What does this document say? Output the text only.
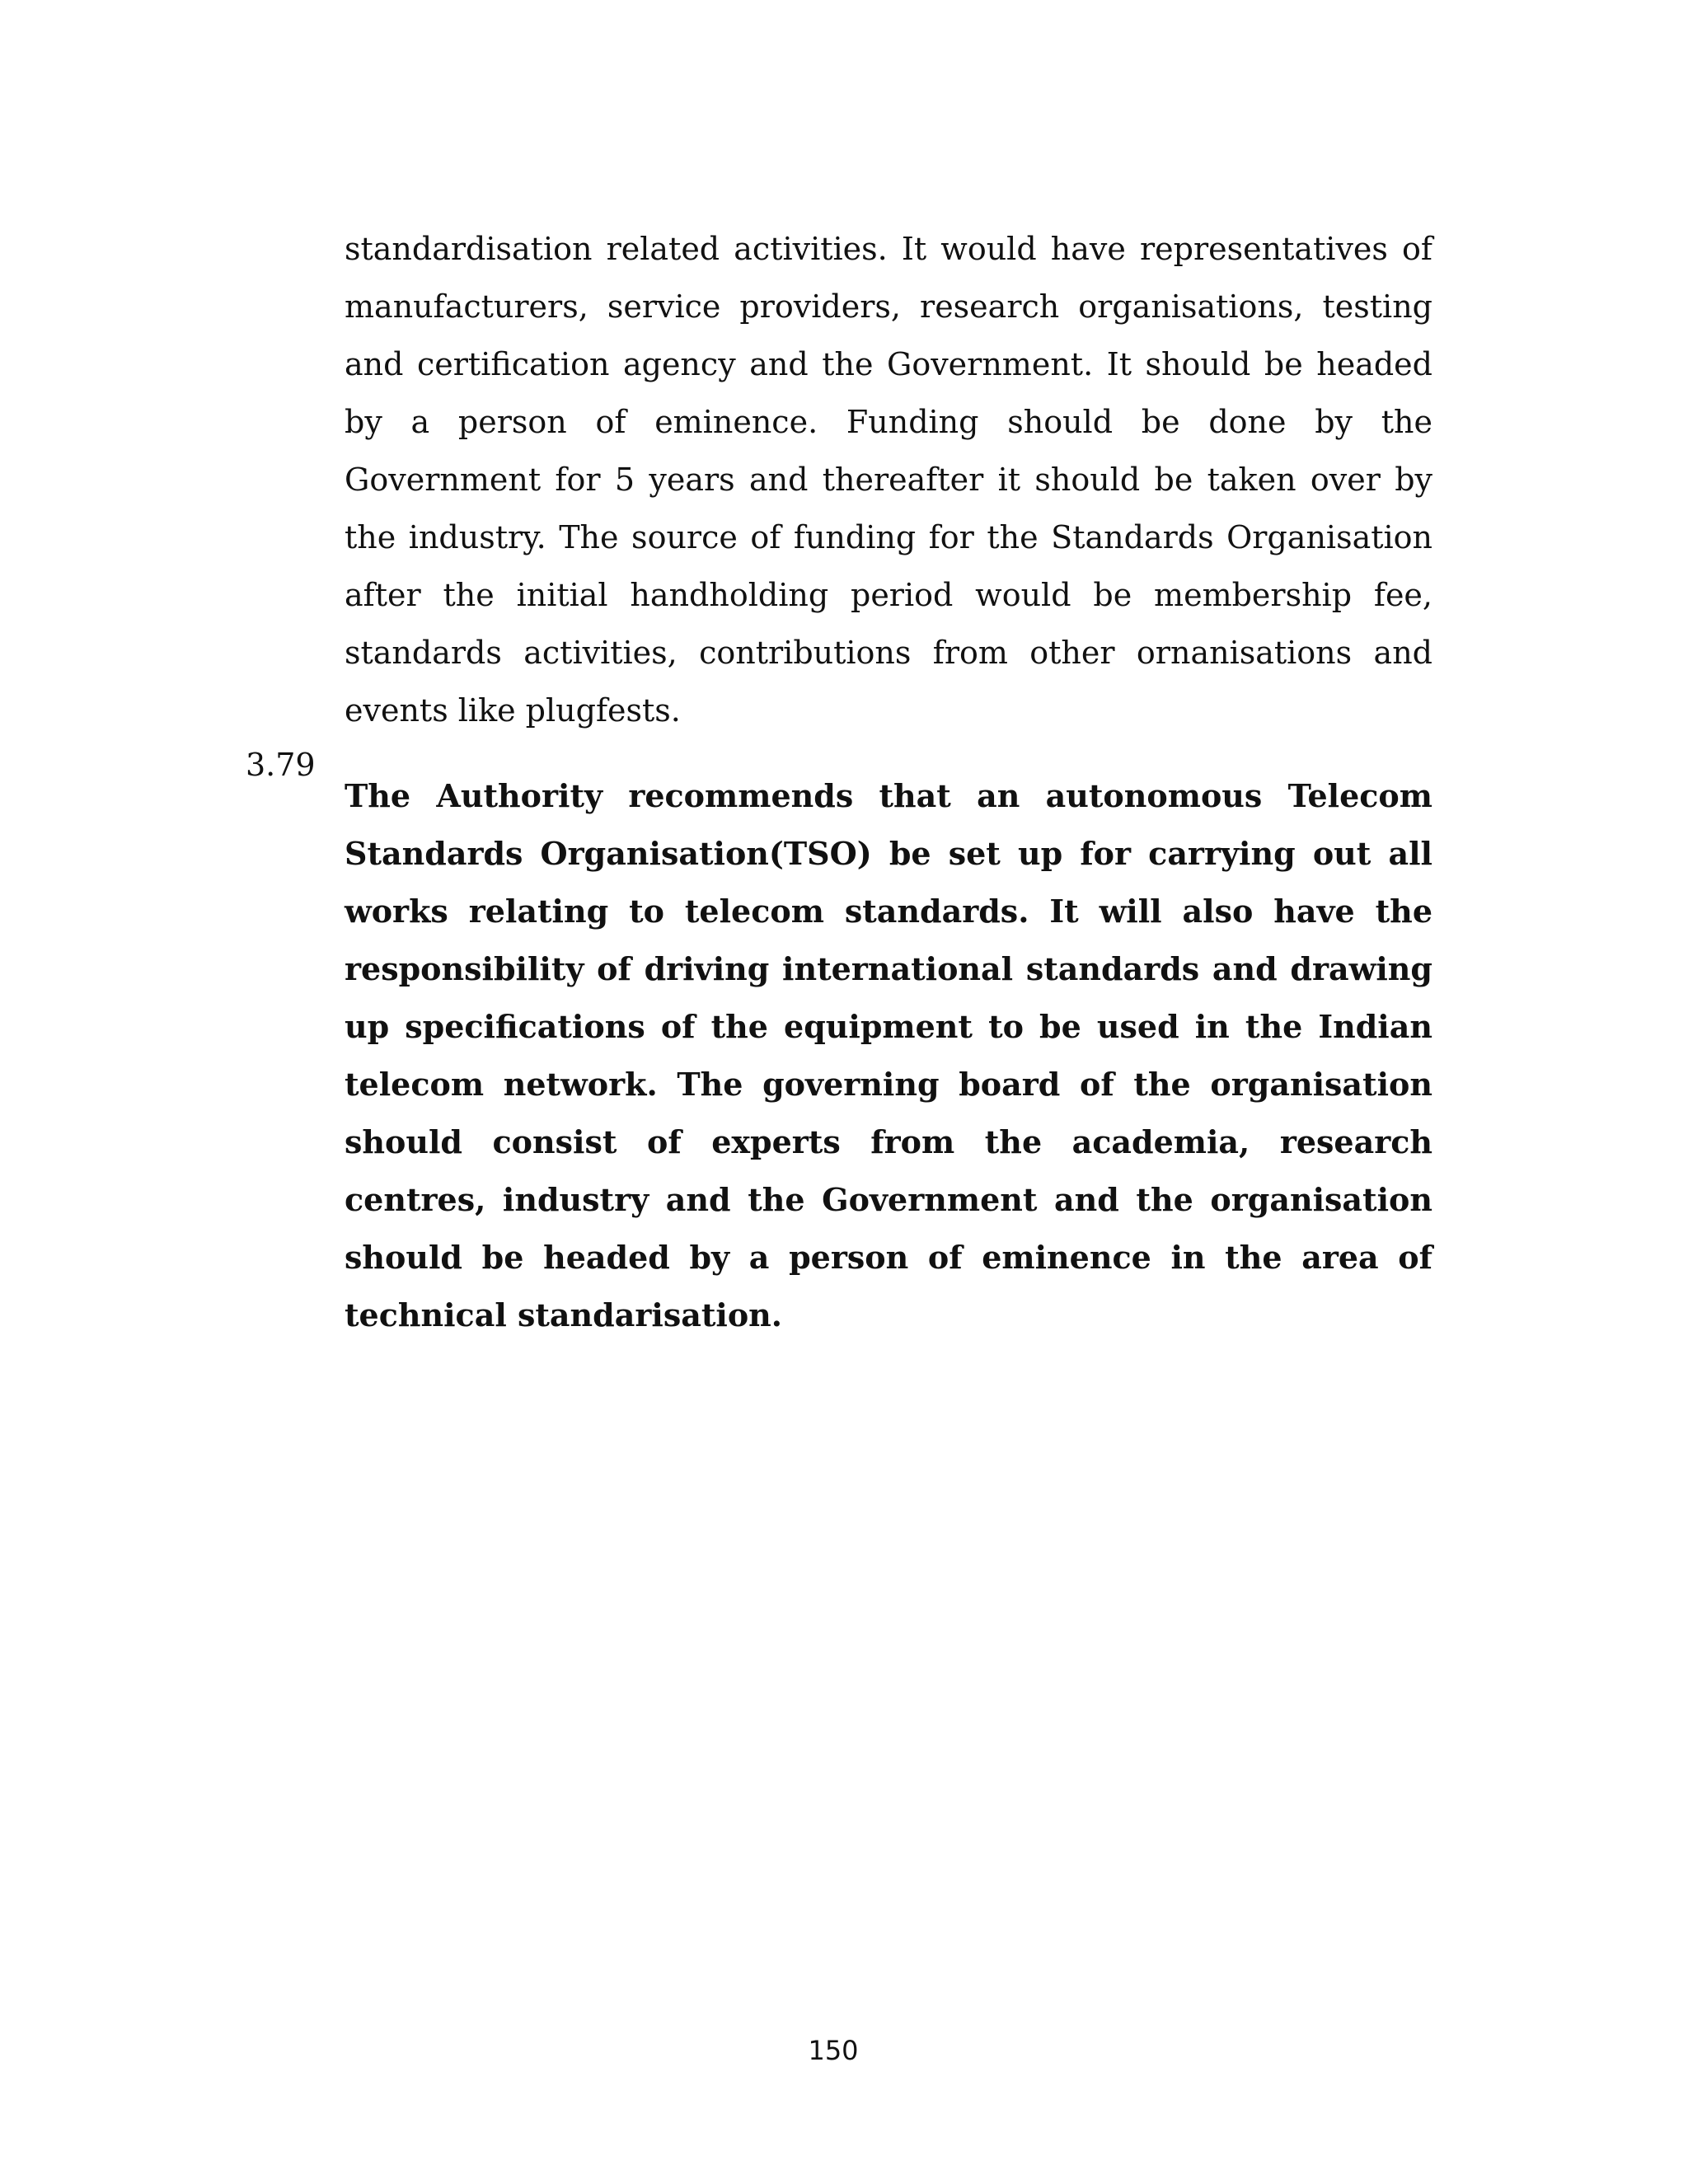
standardisation related activities. It would have representatives of manufacturers, service providers, research organisations, testing and certification agency and the Government. It should be headed by a person of eminence. Funding should be done by the Government for 5 years and thereafter it should be taken over by the industry. The source of funding for the Standards Organisation after the initial handholding period would be membership fee, standards activities, contributions from other ornanisations and events like plugfests.

3.79

The Authority recommends that an autonomous Telecom Standards Organisation(TSO) be set up for carrying out all works relating to telecom standards. It will also have the responsibility of driving international standards and drawing up specifications of the equipment to be used in the Indian telecom network. The governing board of the organisation should consist of experts from the academia, research centres, industry and the Government and the organisation should be headed by a person of eminence in the area of technical standarisation.

150
